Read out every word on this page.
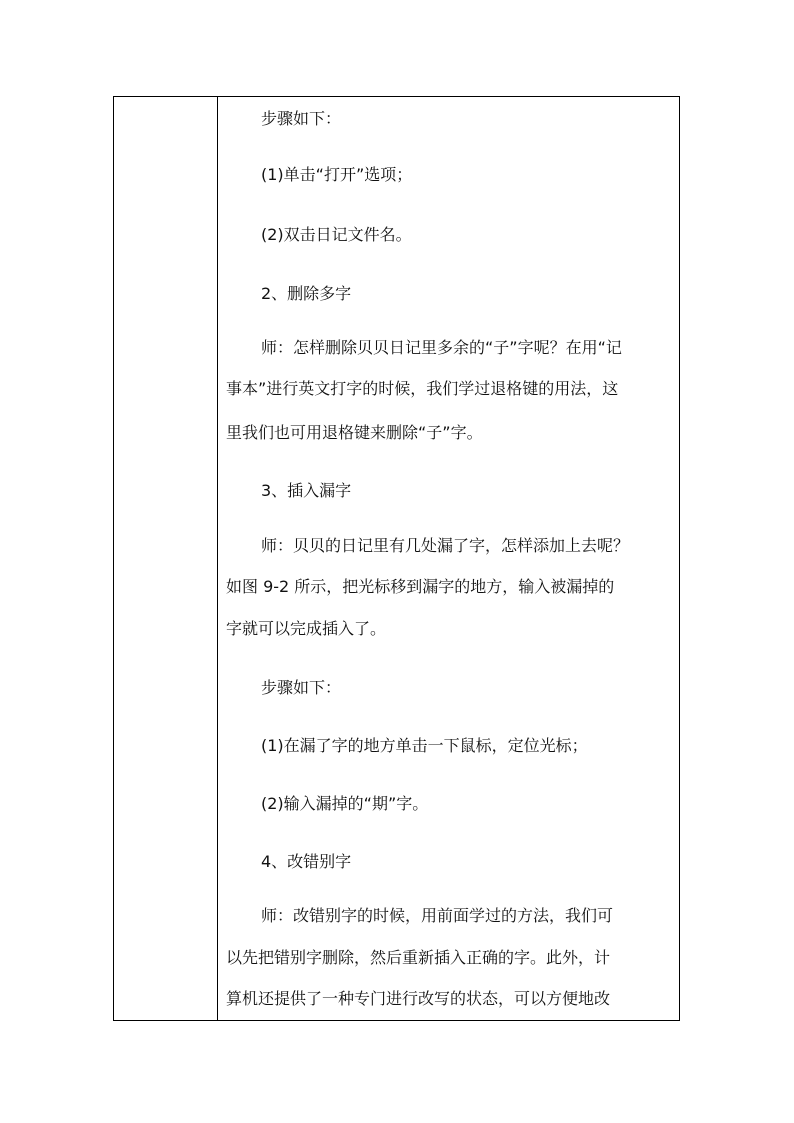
步骤如下：
(1)单击“打开”选项；
(2)双击日记文件名。
2、删除多字
师：怎样删除贝贝日记里多余的“子”字呢？在用“记
事本”进行英文打字的时候，我们学过退格键的用法，这
里我们也可用退格键来删除“子”字。
3、插入漏字
师：贝贝的日记里有几处漏了字，怎样添加上去呢？
如图 9-2 所示，把光标移到漏字的地方，输入被漏掉的
字就可以完成插入了。
步骤如下：
(1)在漏了字的地方单击一下鼠标，定位光标；
(2)输入漏掉的“期”字。
4、改错别字
师：改错别字的时候，用前面学过的方法，我们可
以先把错别字删除，然后重新插入正确的字。此外，计
算机还提供了一种专门进行改写的状态，可以方便地改
